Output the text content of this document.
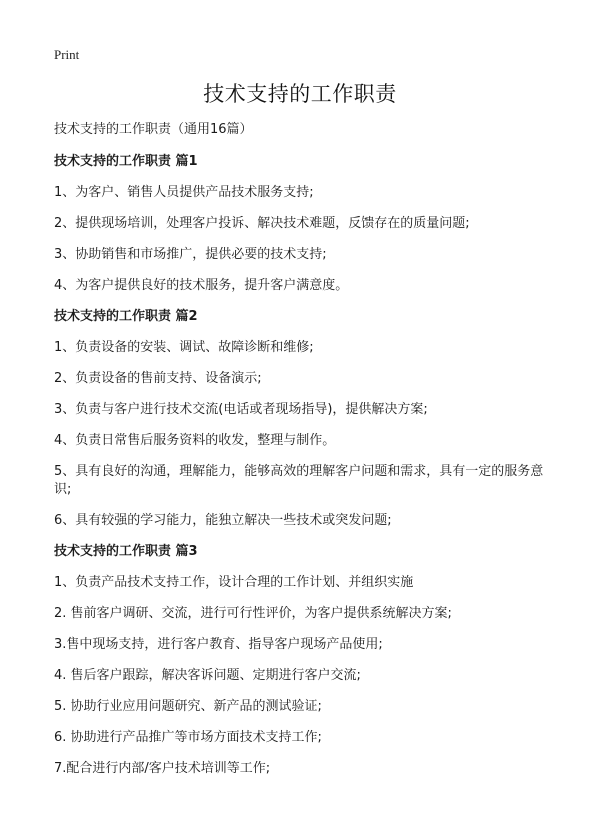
Print
技术支持的工作职责
技术支持的工作职责（通用16篇）
技术支持的工作职责 篇1
1、为客户、销售人员提供产品技术服务支持;
2、提供现场培训，处理客户投诉、解决技术难题，反馈存在的质量问题;
3、协助销售和市场推广，提供必要的技术支持;
4、为客户提供良好的技术服务，提升客户满意度。
技术支持的工作职责 篇2
1、负责设备的安装、调试、故障诊断和维修;
2、负责设备的售前支持、设备演示;
3、负责与客户进行技术交流(电话或者现场指导)，提供解决方案;
4、负责日常售后服务资料的收发，整理与制作。
5、具有良好的沟通，理解能力，能够高效的理解客户问题和需求，具有一定的服务意识;
6、具有较强的学习能力，能独立解决一些技术或突发问题;
技术支持的工作职责 篇3
1、负责产品技术支持工作，设计合理的工作计划、并组织实施
2. 售前客户调研、交流，进行可行性评价，为客户提供系统解决方案;
3.售中现场支持，进行客户教育、指导客户现场产品使用;
4. 售后客户跟踪，解决客诉问题、定期进行客户交流;
5. 协助行业应用问题研究、新产品的测试验证;
6. 协助进行产品推广等市场方面技术支持工作;
7.配合进行内部/客户技术培训等工作;
